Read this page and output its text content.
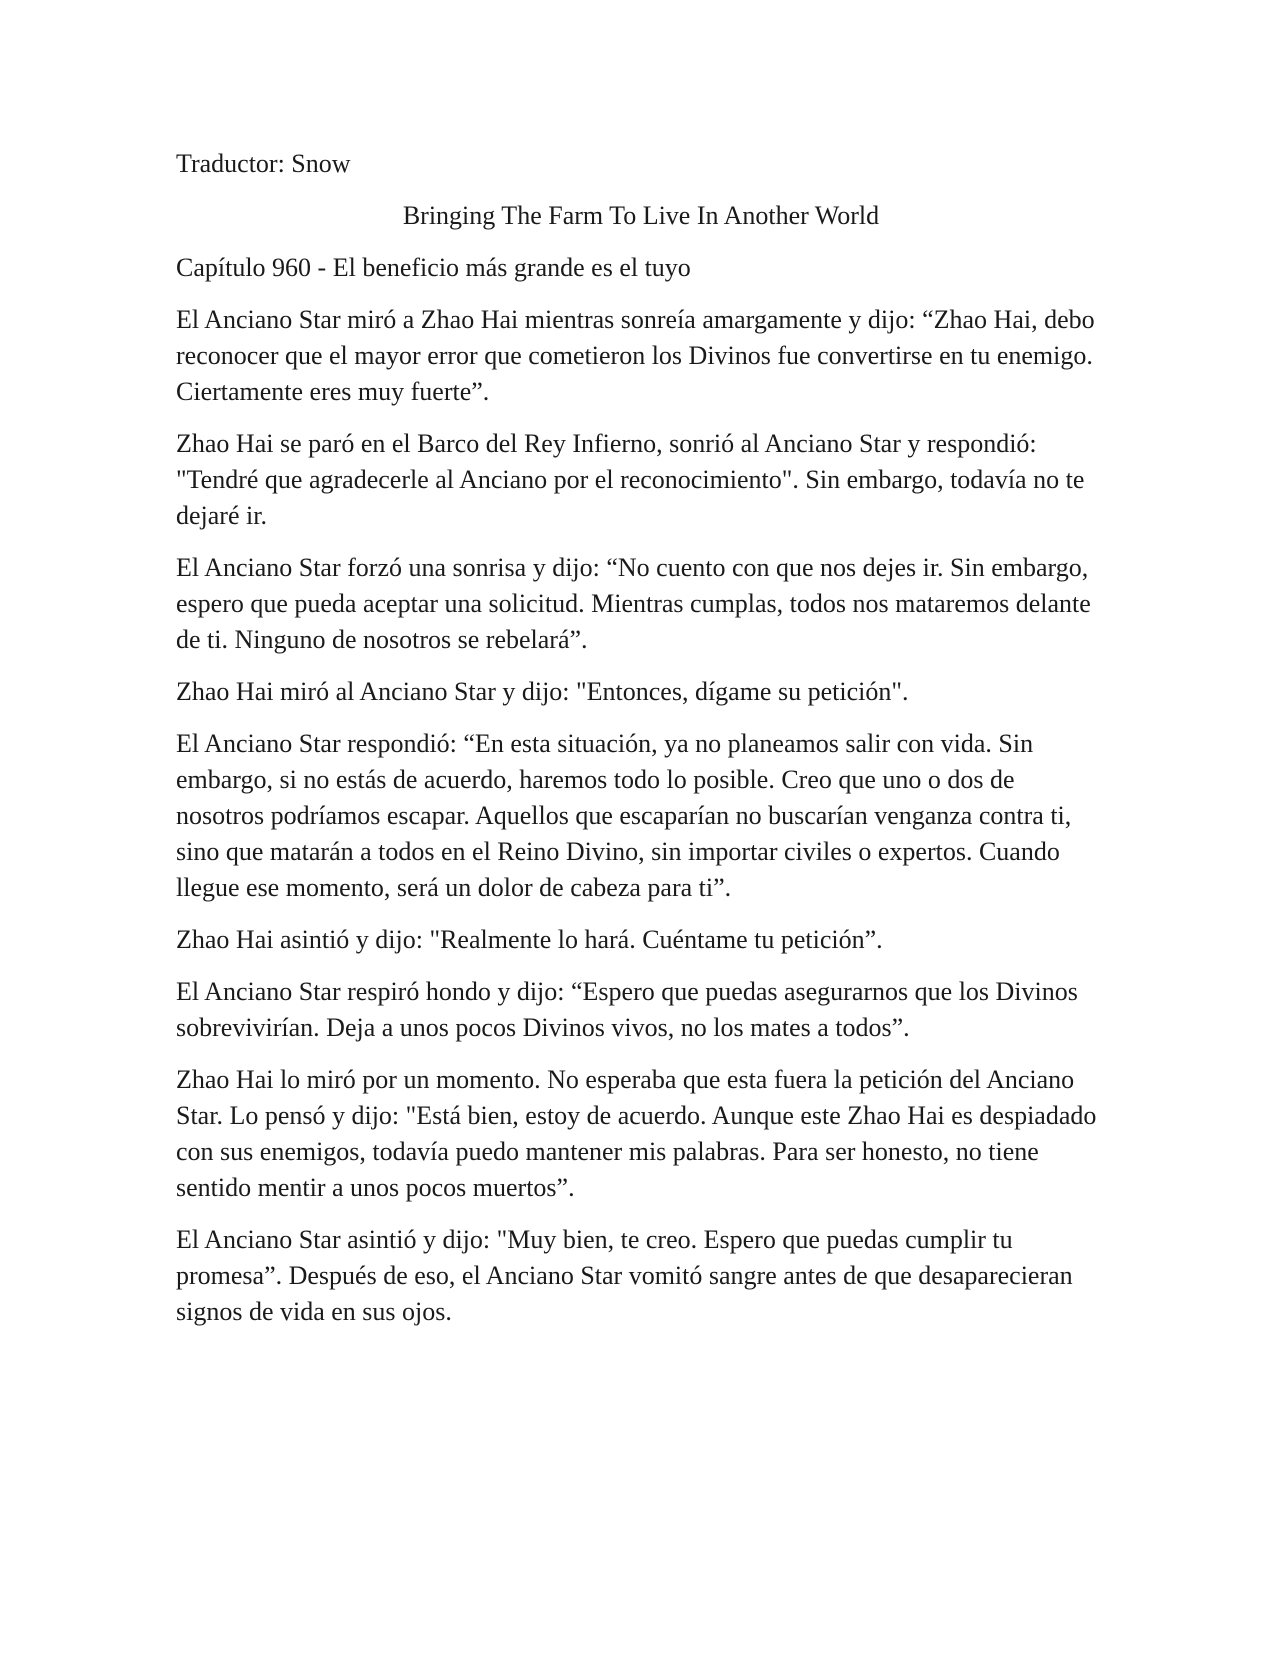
Traductor: Snow

Bringing The Farm To Live In Another World

Capítulo 960 - El beneficio más grande es el tuyo

El Anciano Star miró a Zhao Hai mientras sonreía amargamente y dijo: “Zhao Hai, debo reconocer que el mayor error que cometieron los Divinos fue convertirse en tu enemigo. Ciertamente eres muy fuerte”.

Zhao Hai se paró en el Barco del Rey Infierno, sonrió al Anciano Star y respondió: "Tendré que agradecerle al Anciano por el reconocimiento". Sin embargo, todavía no te dejaré ir.

El Anciano Star forzó una sonrisa y dijo: “No cuento con que nos dejes ir. Sin embargo, espero que pueda aceptar una solicitud. Mientras cumplas, todos nos mataremos delante de ti. Ninguno de nosotros se rebelará”.

Zhao Hai miró al Anciano Star y dijo: "Entonces, dígame su petición".

El Anciano Star respondió: “En esta situación, ya no planeamos salir con vida. Sin embargo, si no estás de acuerdo, haremos todo lo posible. Creo que uno o dos de nosotros podríamos escapar. Aquellos que escaparían no buscarían venganza contra ti, sino que matarán a todos en el Reino Divino, sin importar civiles o expertos. Cuando llegue ese momento, será un dolor de cabeza para ti”.

Zhao Hai asintió y dijo: "Realmente lo hará. Cuéntame tu petición”.

El Anciano Star respiró hondo y dijo: “Espero que puedas asegurarnos que los Divinos sobrevivirían. Deja a unos pocos Divinos vivos, no los mates a todos”.

Zhao Hai lo miró por un momento. No esperaba que esta fuera la petición del Anciano Star. Lo pensó y dijo: "Está bien, estoy de acuerdo. Aunque este Zhao Hai es despiadado con sus enemigos, todavía puedo mantener mis palabras. Para ser honesto, no tiene sentido mentir a unos pocos muertos”.

El Anciano Star asintió y dijo: "Muy bien, te creo. Espero que puedas cumplir tu promesa”. Después de eso, el Anciano Star vomitó sangre antes de que desaparecieran signos de vida en sus ojos.
